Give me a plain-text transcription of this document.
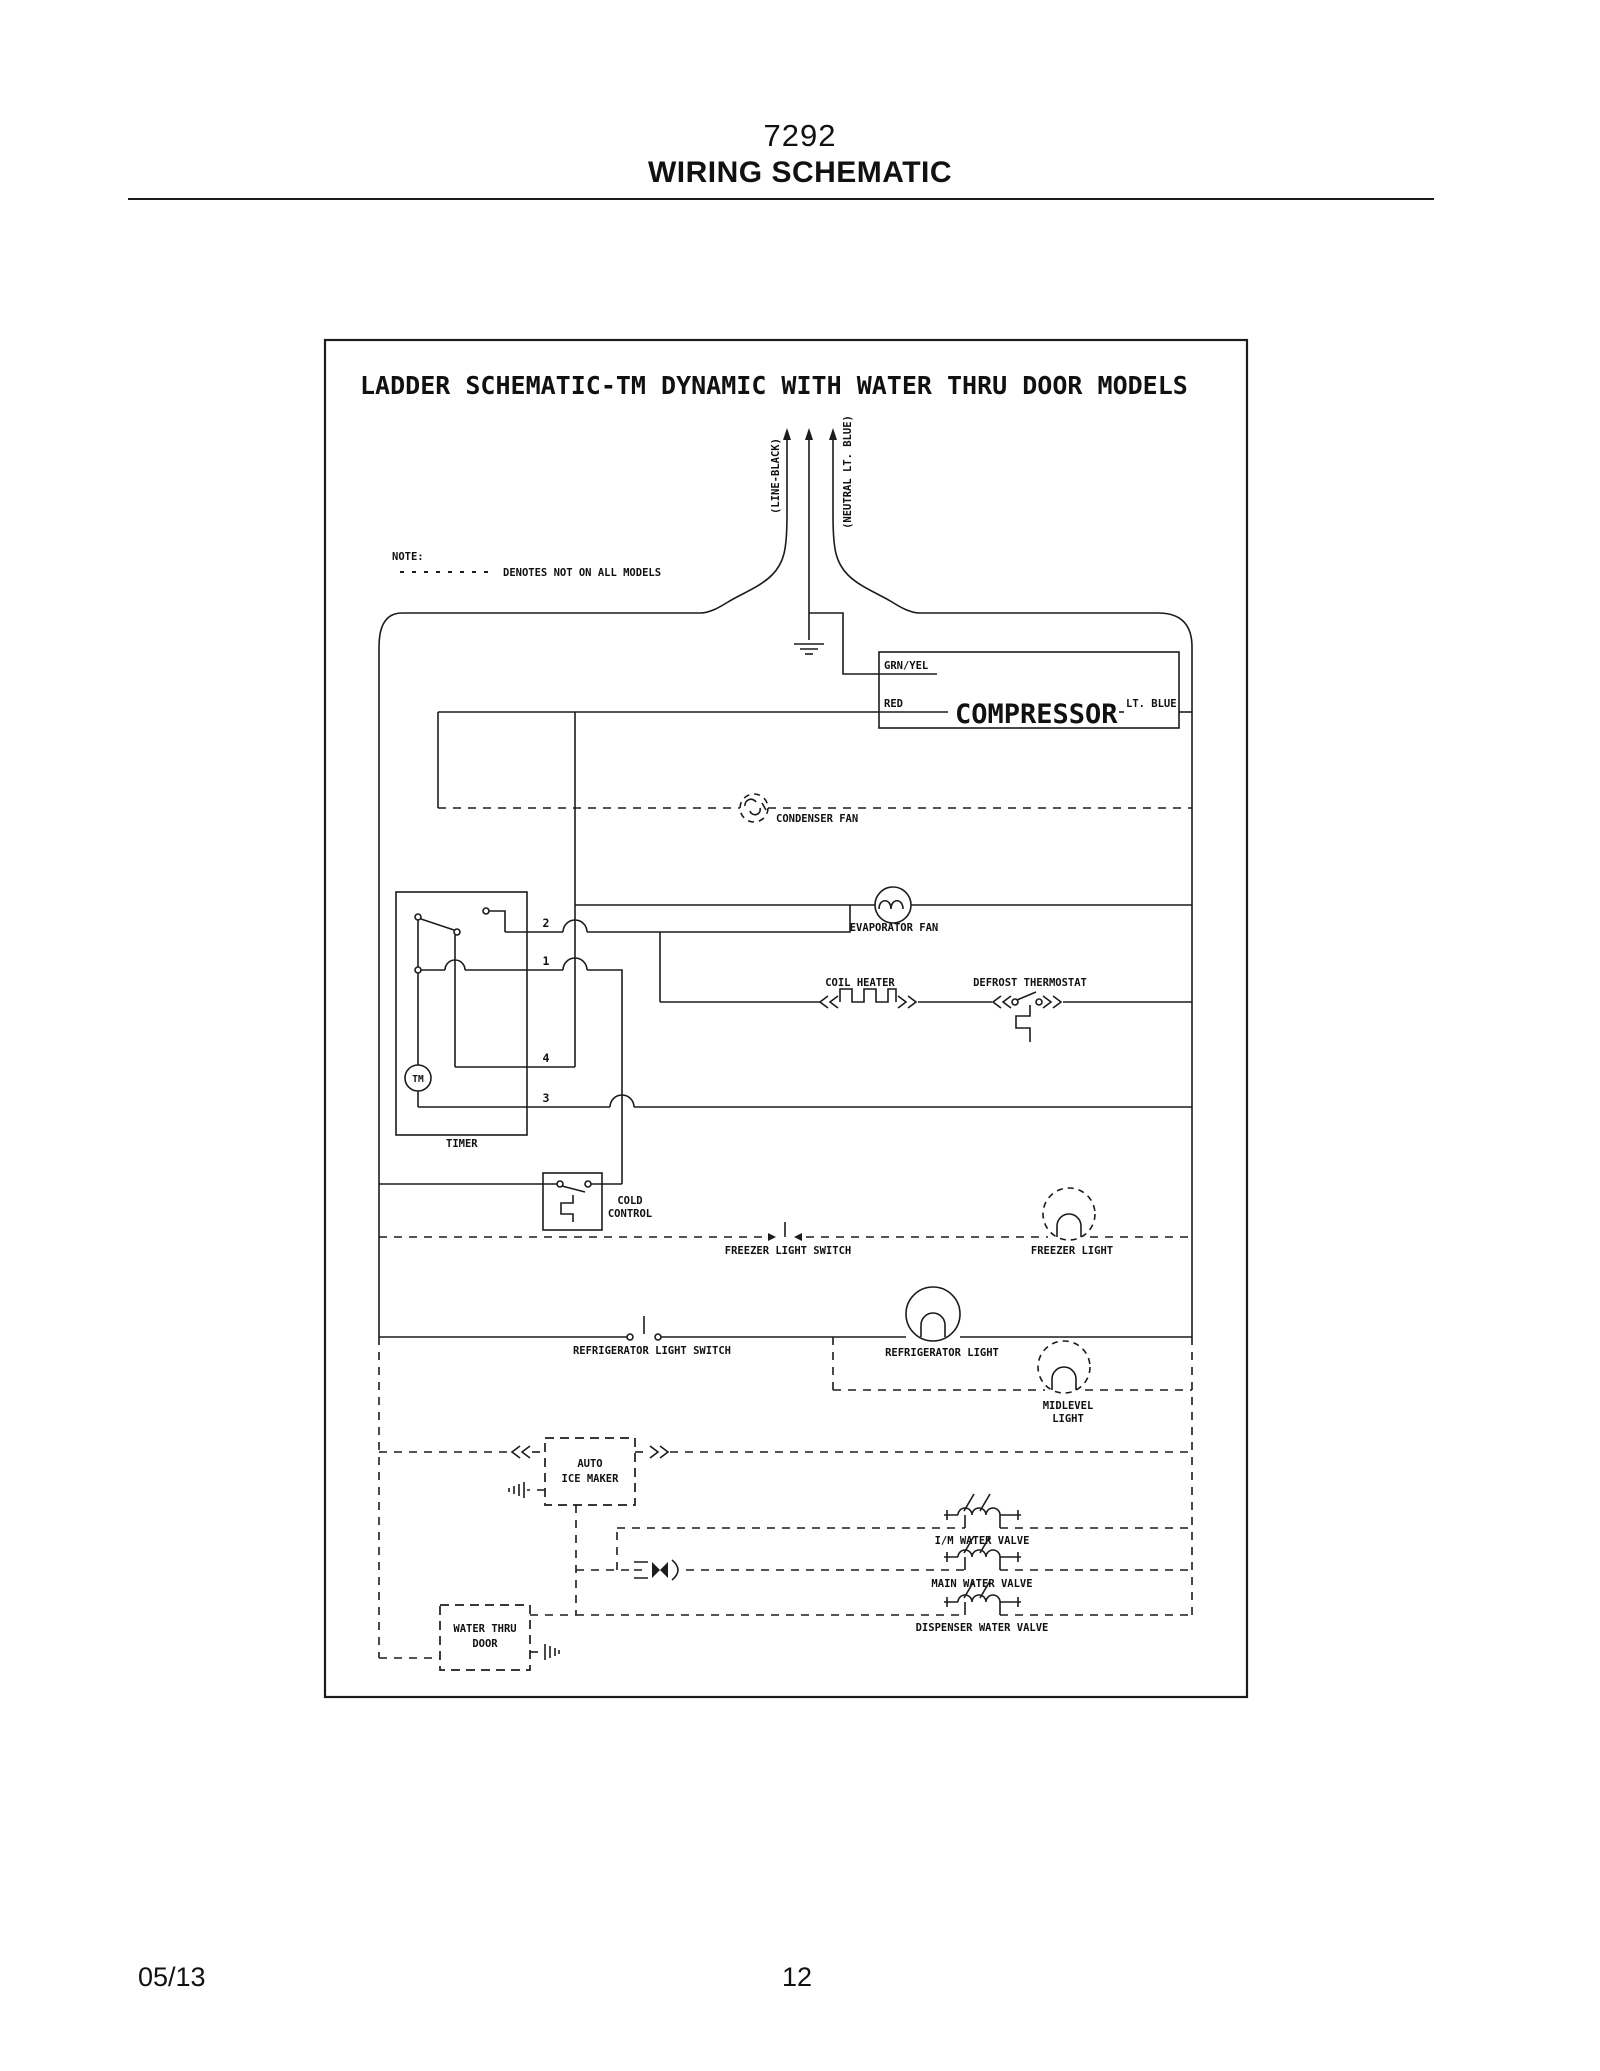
7292
WIRING SCHEMATIC
LADDER SCHEMATIC-TM DYNAMIC WITH WATER THRU DOOR MODELS
NOTE:
DENOTES NOT ON ALL MODELS
(LINE-BLACK)	(NEUTRAL LT. BLUE)
GRN/YEL
RED	LT. BLUE
COMPRESSOR
CONDENSER FAN
EVAPORATOR FAN
TM
2
1
4
3
TIMER
COIL HEATER	DEFROST THERMOSTAT
COLD
CONTROL
FREEZER LIGHT SWITCH	FREEZER LIGHT
REFRIGERATOR LIGHT SWITCH	REFRIGERATOR LIGHT
MIDLEVEL
LIGHT
AUTO
ICE MAKER
I/M WATER VALVE
MAIN WATER VALVE
DISPENSER WATER VALVE
WATER THRU
DOOR
05/13	12
